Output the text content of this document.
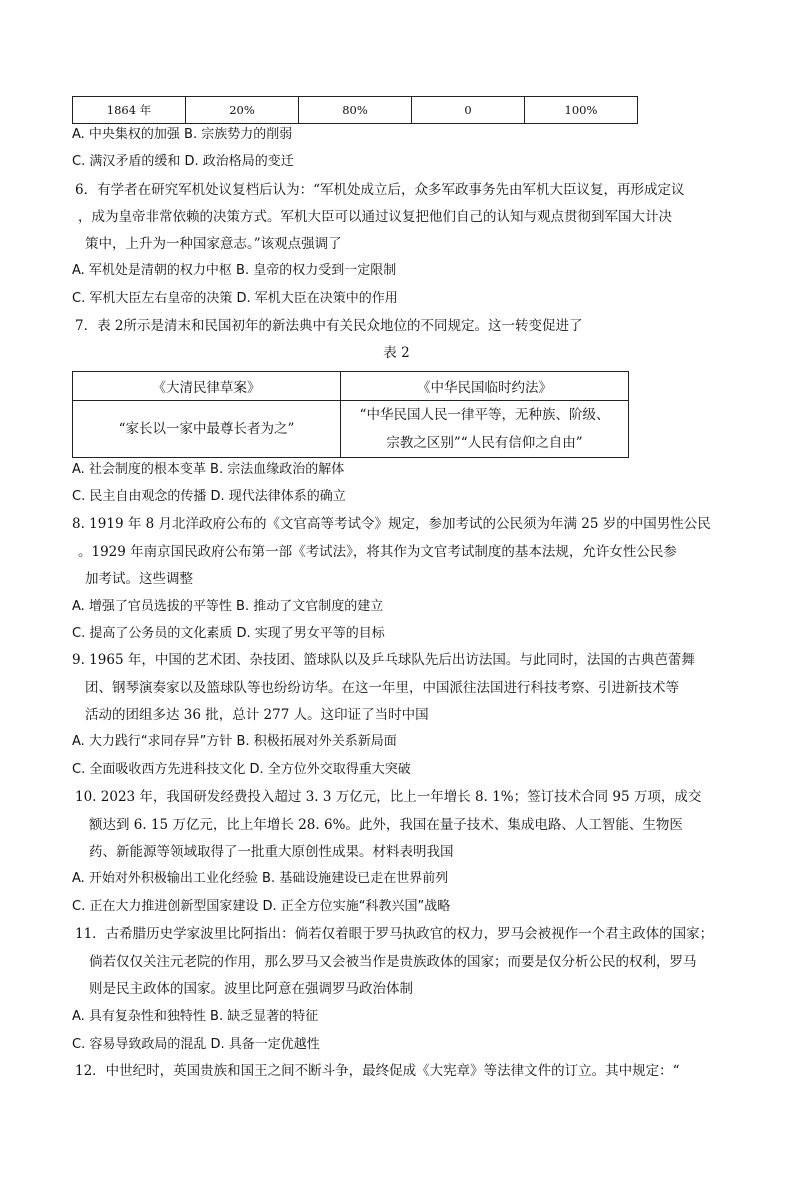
1864 年	20%	80%	0	100%
A. 中央集权的加强 B. 宗族势力的削弱
C. 满汉矛盾的缓和 D. 政治格局的变迁
6．有学者在研究军机处议复档后认为：“军机处成立后，众多军政事务先由军机大臣议复，再形成定议
，成为皇帝非常依赖的决策方式。军机大臣可以通过议复把他们自己的认知与观点贯彻到军国大计决
策中，上升为一种国家意志。”该观点强调了
A. 军机处是清朝的权力中枢 B. 皇帝的权力受到一定限制
C. 军机大臣左右皇帝的决策 D. 军机大臣在决策中的作用
7．表 2所示是清末和民国初年的新法典中有关民众地位的不同规定。这一转变促进了
表 2
《大清民律草案》	《中华民国临时约法》
“家长以一家中最尊长者为之”	“中华民国人民一律平等，无种族、阶级、
宗教之区别”“人民有信仰之自由”
A. 社会制度的根本变革 B. 宗法血缘政治的解体
C. 民主自由观念的传播 D. 现代法律体系的确立
8. 1919 年 8 月北洋政府公布的《文官高等考试令》规定，参加考试的公民须为年满 25 岁的中国男性公民
。1929 年南京国民政府公布第一部《考试法》，将其作为文官考试制度的基本法规，允许女性公民参
加考试。这些调整
A. 增强了官员选拔的平等性 B. 推动了文官制度的建立
C. 提高了公务员的文化素质 D. 实现了男女平等的目标
9. 1965 年，中国的艺术团、杂技团、篮球队以及乒乓球队先后出访法国。与此同时，法国的古典芭蕾舞
团、钢琴演奏家以及篮球队等也纷纷访华。在这一年里，中国派往法国进行科技考察、引进新技术等
活动的团组多达 36 批，总计 277 人。这印证了当时中国
A. 大力践行“求同存异”方针 B. 积极拓展对外关系新局面
C. 全面吸收西方先进科技文化 D. 全方位外交取得重大突破
10. 2023 年，我国研发经费投入超过 3. 3 万亿元，比上一年增长 8. 1%；签订技术合同 95 万项，成交
额达到 6. 15 万亿元，比上年增长 28. 6%。此外，我国在量子技术、集成电路、人工智能、生物医
药、新能源等领域取得了一批重大原创性成果。材料表明我国
A. 开始对外积极输出工业化经验 B. 基础设施建设已走在世界前列
C. 正在大力推进创新型国家建设 D. 正全方位实施“科教兴国”战略
11．古希腊历史学家波里比阿指出：倘若仅着眼于罗马执政官的权力，罗马会被视作一个君主政体的国家；
倘若仅仅关注元老院的作用，那么罗马又会被当作是贵族政体的国家；而要是仅分析公民的权利，罗马
则是民主政体的国家。波里比阿意在强调罗马政治体制
A. 具有复杂性和独特性 B. 缺乏显著的特征
C. 容易导致政局的混乱 D. 具备一定优越性
12．中世纪时，英国贵族和国王之间不断斗争，最终促成《大宪章》等法律文件的订立。其中规定：“
